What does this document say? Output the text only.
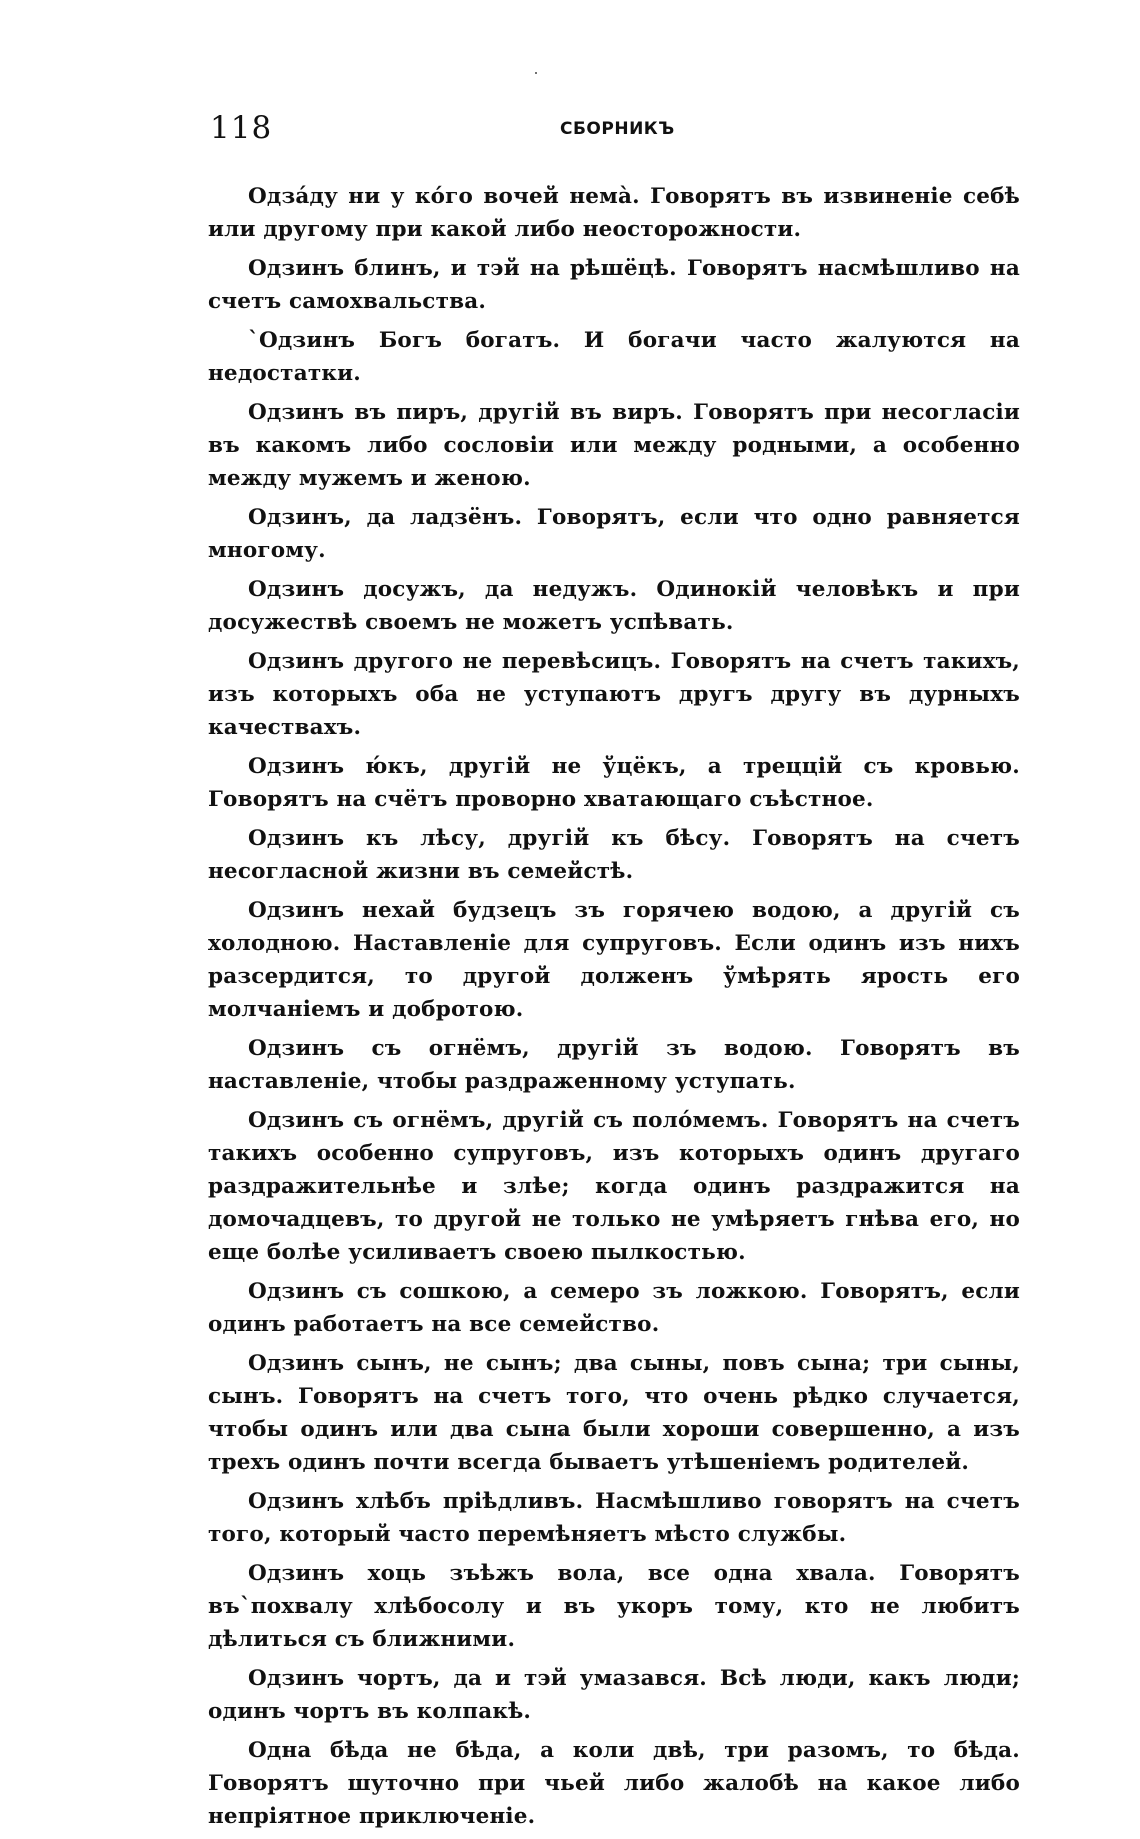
118	СБОРНИКЪ

Одза́ду ни у кóго вочей нема̀. Говорятъ въ извиненіе себѣ или другому при какой либо неосторожности.

Одзинъ блинъ, и тэй на рѣшёцѣ. Говорятъ насмѣшливо на счетъ самохвальства.

`Одзинъ Богъ богатъ. И богачи часто жалуются на недостатки.

Одзинъ въ пиръ, другій въ виръ. Говорятъ при несогласіи въ какомъ либо сословіи или между родными, а особенно между мужемъ и женою.

Одзинъ, да ладзёнъ. Говорятъ, если что одно равняется многому.

Одзинъ досужъ, да недужъ. Одинокій человѣкъ и при досужествѣ своемъ не можетъ успѣвать.

Одзинъ другого не перевѣсицъ. Говорятъ на счетъ такихъ, изъ которыхъ оба не уступаютъ другъ другу въ дурныхъ качествахъ.

Одзинъ ю́къ, другій не ўцёкъ, а треццій съ кровью. Говорятъ на счётъ проворно хватающаго съѣстное.

Одзинъ къ лѣсу, другій къ бѣсу. Говорятъ на счетъ несогласной жизни въ семейстѣ.

Одзинъ нехай будзецъ зъ горячею водою, а другій съ холодною. Наставленіе для супруговъ. Если одинъ изъ нихъ разсердится, то другой долженъ ўмѣрять ярость его молчаніемъ и добротою.

Одзинъ съ огнёмъ, другій зъ водою. Говорятъ въ наставленіе, чтобы раздраженному уступать.

Одзинъ съ огнёмъ, другій съ полóмемъ. Говорятъ на счетъ такихъ особенно супруговъ, изъ которыхъ одинъ другаго раздражительнѣе и злѣе; когда одинъ раздражится на домочадцевъ, то другой не только не умѣряетъ гнѣва его, но еще болѣе усиливаетъ своею пылкостью.

Одзинъ съ сошкою, а семеро зъ ложкою. Говорятъ, если одинъ работаетъ на все семейство.

Одзинъ сынъ, не сынъ; два сыны, повъ сына; три сыны, сынъ. Говорятъ на счетъ того, что очень рѣдко случается, чтобы одинъ или два сына были хороши совершенно, а изъ трехъ одинъ почти всегда бываетъ утѣшеніемъ родителей.

Одзинъ хлѣбъ пріѣдливъ. Насмѣшливо говорятъ на счетъ того, который часто перемѣняетъ мѣсто службы.

Одзинъ хоць зъѣжъ вола, все одна хвала. Говорятъ въ`похвалу хлѣбосолу и въ укоръ тому, кто не любитъ дѣлиться съ ближними.

Одзинъ чортъ, да и тэй умазався. Всѣ люди, какъ люди; одинъ чортъ въ колпакѣ.

Одна бѣда не бѣда, а коли двѣ, три разомъ, то бѣда. Говорятъ шуточно при чьей либо жалобѣ на какое либо непріятное приключеніе.
